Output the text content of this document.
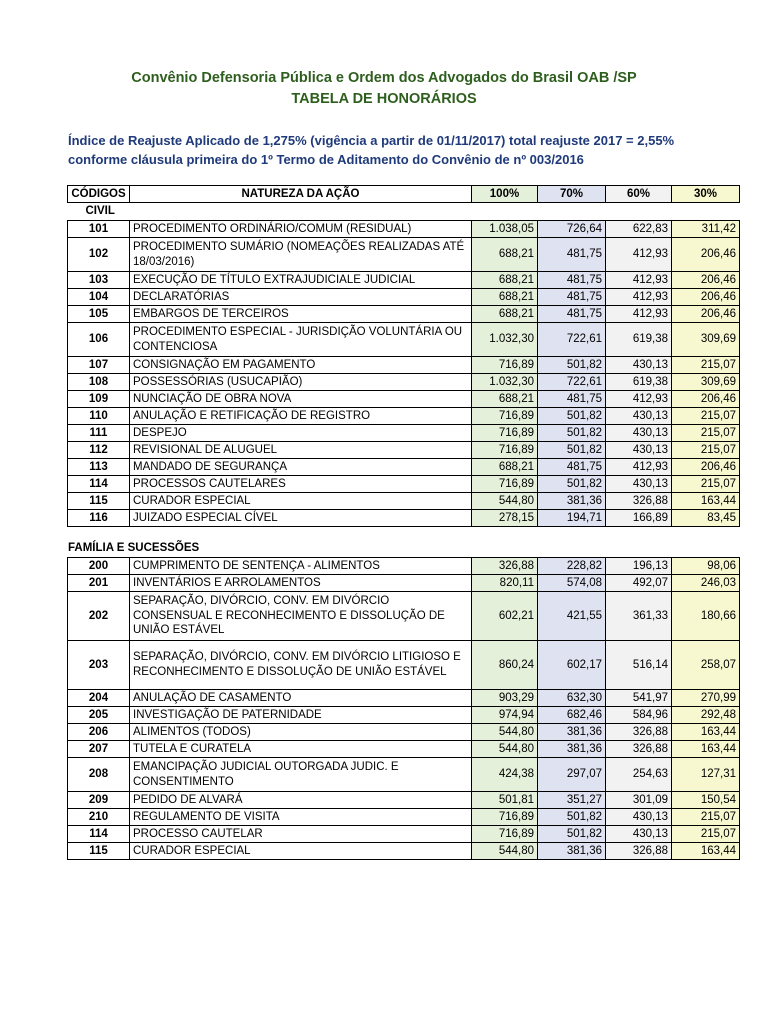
Convênio Defensoria Pública e Ordem dos Advogados do Brasil OAB /SP
TABELA DE HONORÁRIOS
Índice de Reajuste Aplicado de 1,275% (vigência a partir de 01/11/2017) total reajuste 2017 = 2,55%
conforme cláusula primeira do 1º Termo de Aditamento do Convênio de nº 003/2016
CÓDIGOS	NATUREZA DA AÇÃO	100%	70%	60%	30%
CIVIL					
101	PROCEDIMENTO ORDINÁRIO/COMUM (RESIDUAL)	1.038,05	726,64	622,83	311,42
102	PROCEDIMENTO SUMÁRIO (NOMEAÇÕES REALIZADAS ATÉ 18/03/2016)	688,21	481,75	412,93	206,46
103	EXECUÇÃO DE TÍTULO EXTRAJUDICIALE JUDICIAL	688,21	481,75	412,93	206,46
104	DECLARATÓRIAS	688,21	481,75	412,93	206,46
105	EMBARGOS DE TERCEIROS	688,21	481,75	412,93	206,46
106	PROCEDIMENTO ESPECIAL - JURISDIÇÃO VOLUNTÁRIA OU CONTENCIOSA	1.032,30	722,61	619,38	309,69
107	CONSIGNAÇÃO EM PAGAMENTO	716,89	501,82	430,13	215,07
108	POSSESSÓRIAS (USUCAPIÃO)	1.032,30	722,61	619,38	309,69
109	NUNCIAÇÃO DE OBRA NOVA	688,21	481,75	412,93	206,46
110	ANULAÇÃO E RETIFICAÇÃO DE REGISTRO	716,89	501,82	430,13	215,07
111	DESPEJO	716,89	501,82	430,13	215,07
112	REVISIONAL DE ALUGUEL	716,89	501,82	430,13	215,07
113	MANDADO DE SEGURANÇA	688,21	481,75	412,93	206,46
114	PROCESSOS CAUTELARES	716,89	501,82	430,13	215,07
115	CURADOR ESPECIAL	544,80	381,36	326,88	163,44
116	JUIZADO ESPECIAL CÍVEL	278,15	194,71	166,89	83,45
FAMÍLIA E SUCESSÕES
200	CUMPRIMENTO DE SENTENÇA - ALIMENTOS	326,88	228,82	196,13	98,06
201	INVENTÁRIOS E ARROLAMENTOS	820,11	574,08	492,07	246,03
202	SEPARAÇÃO, DIVÓRCIO, CONV. EM DIVÓRCIO CONSENSUAL E RECONHECIMENTO E DISSOLUÇÃO DE UNIÃO ESTÁVEL	602,21	421,55	361,33	180,66
203	SEPARAÇÃO, DIVÓRCIO, CONV. EM DIVÓRCIO LITIGIOSO E RECONHECIMENTO E DISSOLUÇÃO DE UNIÃO ESTÁVEL	860,24	602,17	516,14	258,07
204	ANULAÇÃO DE CASAMENTO	903,29	632,30	541,97	270,99
205	INVESTIGAÇÃO DE PATERNIDADE	974,94	682,46	584,96	292,48
206	ALIMENTOS (TODOS)	544,80	381,36	326,88	163,44
207	TUTELA E CURATELA	544,80	381,36	326,88	163,44
208	EMANCIPAÇÃO JUDICIAL OUTORGADA JUDIC. E CONSENTIMENTO	424,38	297,07	254,63	127,31
209	PEDIDO DE ALVARÁ	501,81	351,27	301,09	150,54
210	REGULAMENTO DE VISITA	716,89	501,82	430,13	215,07
114	PROCESSO CAUTELAR	716,89	501,82	430,13	215,07
115	CURADOR ESPECIAL	544,80	381,36	326,88	163,44
